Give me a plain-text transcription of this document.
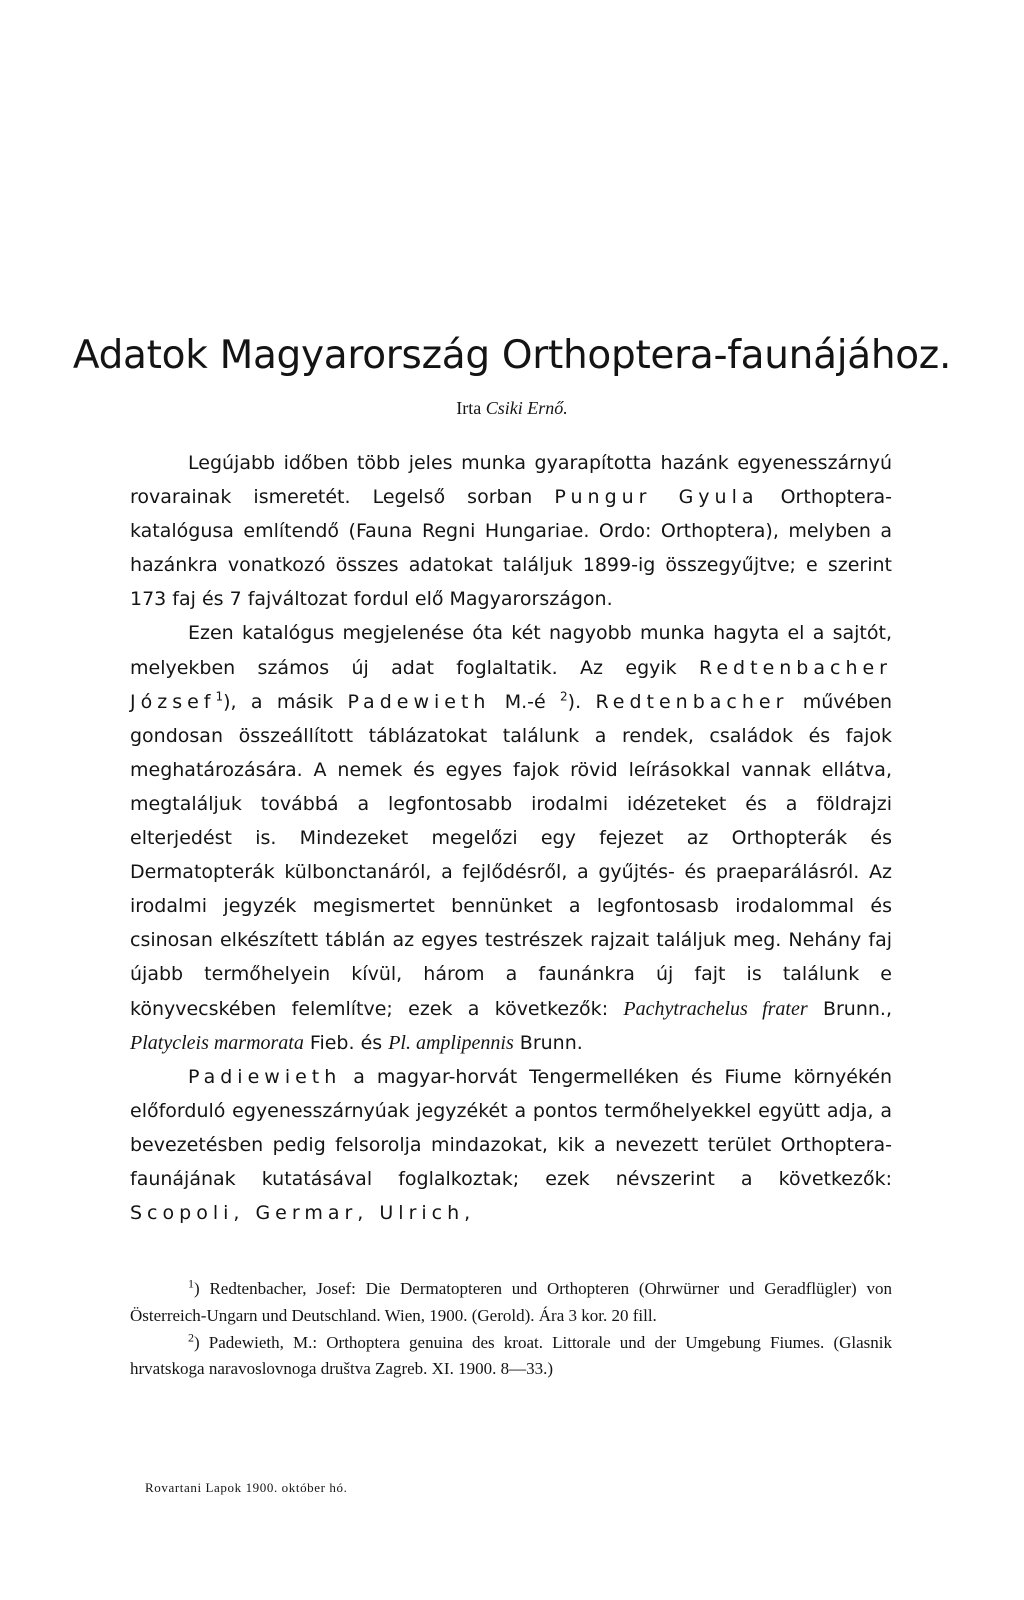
Adatok Magyarország Orthoptera-faunájához.
Irta Csiki Ernő.

Legújabb időben több jeles munka gyarapította hazánk egyenesszárnyú rovarainak ismeretét. Legelső sorban Pungur Gyula Orthoptera-katalógusa említendő (Fauna Regni Hungariae. Ordo: Orthoptera), melyben a hazánkra vonatkozó összes adatokat találjuk 1899-ig összegyűjtve; e szerint 173 faj és 7 fajváltozat fordul elő Magyarországon.

Ezen katalógus megjelenése óta két nagyobb munka hagyta el a sajtót, melyekben számos új adat foglaltatik. Az egyik Redtenbacher József$^1$), a másik Padewieth M.-é $^2$). Redtenbacher művében gondosan összeállított táblázatokat találunk a rendek, családok és fajok meghatározására. A nemek és egyes fajok rövid leírásokkal vannak ellátva, megtaláljuk továbbá a legfontosabb irodalmi idézeteket és a földrajzi elterjedést is. Mindezeket megelőzi egy fejezet az Orthopterák és Dermatopterák külbonctanáról, a fejlődésről, a gyűjtés- és praeparálásról. Az irodalmi jegyzék megismertet bennünket a legfontosasb irodalommal és csinosan elkészített táblán az egyes testrészek rajzait találjuk meg. Nehány faj újabb termőhelyein kívül, három a faunánkra új fajt is találunk e könyvecskében felemlítve; ezek a következők: Pachytrachelus frater Brunn., Platycleis marmorata Fieb. és Pl. amplipennis Brunn.

Padiewieth a magyar-horvát Tengermelléken és Fiume környékén előforduló egyenesszárnyúak jegyzékét a pontos termőhelyekkel együtt adja, a bevezetésben pedig felsorolja mindazokat, kik a nevezett terület Orthoptera-faunájának kutatásával foglalkoztak; ezek névszerint a következők: Scopoli, Germar, Ulrich,

$^1$) Redtenbacher, Josef: Die Dermatopteren und Orthopteren (Ohrwürner und Geradflügler) von Österreich-Ungarn und Deutschland. Wien, 1900. (Gerold). Ára 3 kor. 20 fill.

$^2$) Padewieth, M.: Orthoptera genuina des kroat. Littorale und der Umgebung Fiumes. (Glasnik hrvatskoga naravoslovnoga društva Zagreb. XI. 1900. 8—33.)

Rovartani Lapok 1900. október hó.
